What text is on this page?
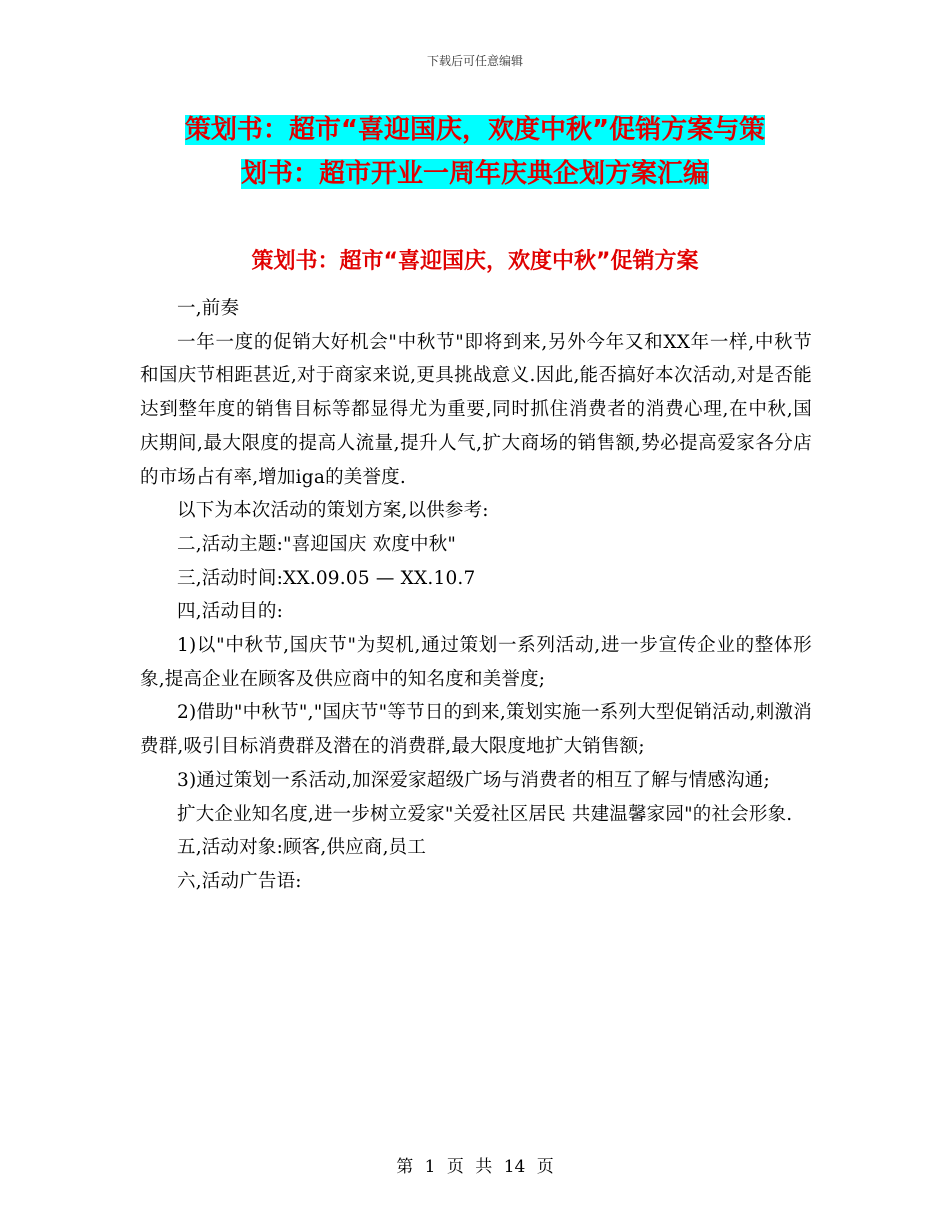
下载后可任意编辑
策划书：超市“喜迎国庆，欢度中秋”促销方案与策
划书：超市开业一周年庆典企划方案汇编
策划书：超市“喜迎国庆，欢度中秋”促销方案

一,前奏

一年一度的促销大好机会"中秋节"即将到来,另外今年又和XX年一样,中秋节和国庆节相距甚近,对于商家来说,更具挑战意义.因此,能否搞好本次活动,对是否能达到整年度的销售目标等都显得尤为重要,同时抓住消费者的消费心理,在中秋,国庆期间,最大限度的提高人流量,提升人气,扩大商场的销售额,势必提高爱家各分店的市场占有率,增加iga的美誉度.

以下为本次活动的策划方案,以供参考:

二,活动主题:"喜迎国庆 欢度中秋"

三,活动时间:XX.09.05 — XX.10.7

四,活动目的:

1)以"中秋节,国庆节"为契机,通过策划一系列活动,进一步宣传企业的整体形象,提高企业在顾客及供应商中的知名度和美誉度;

2)借助"中秋节","国庆节"等节日的到来,策划实施一系列大型促销活动,刺激消费群,吸引目标消费群及潜在的消费群,最大限度地扩大销售额;

3)通过策划一系活动,加深爱家超级广场与消费者的相互了解与情感沟通;

扩大企业知名度,进一步树立爱家"关爱社区居民 共建温馨家园"的社会形象.

五,活动对象:顾客,供应商,员工

六,活动广告语:

第 1 页 共 14 页
